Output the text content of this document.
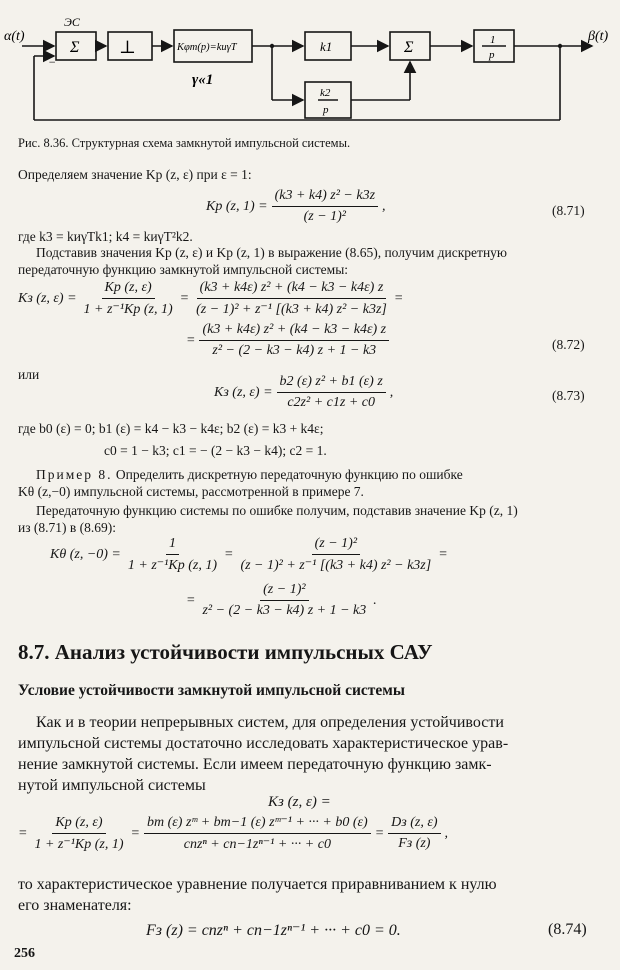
α(t)	β(t)
ЭС
Σ
−
⊥	Kφт(p)=kиγT	k1
k2
p
Σ	1
p
γ«1
Рис. 8.36. Структурная схема замкнутой импульсной системы.
Определяем значение Kр (z, ε) при ε = 1:
Kр (z, $1) = \frac{\text{(k3 + k4) z² − k3z}}{\text{(z − 1)²}}$ ,	(8.71)
где k3 = kиγTk1; k4 = kиγT²k2.
Подставив значения Kр (z, ε) и Kр (z, 1) в выражение (8.65), получим дискретную
передаточную функцию замкнутой импульсной системы:
Kз (z, $\varepsilon) = \frac{Kр (z, \varepsilon)}{\text{1 + z⁻¹Kр (z, 1)}} = \frac{\text{(k3 + k4ε) z² + (k4 − k3 − k4ε) z}}{\text{(z − 1)² + z⁻¹ [(k3 + k4) z² − k3z]}}$ =
= $\frac{\text{(k3 + k4ε) z² + (k4 − k3 − k4ε) z}}{\text{z² − (2 − k3 − k4) z + 1 − k3}}$	(8.72)
или
Kз (z, $\varepsilon) = \frac{\text{b2 (ε) z² + b1 (ε) z}}{\text{c2z² + c1z + c0}}$ ,	(8.73)
где b0 (ε) = 0; b1 (ε) = k4 − k3 − k4ε; b2 (ε) = k3 + k4ε;
c0 = 1 − k3; c1 = − (2 − k3 − k4); c2 = 1.
Пример 8. Определить дискретную передаточную функцию по ошибке
Kθ (z,−0) импульсной системы, рассмотренной в примере 7.
Передаточную функцию системы по ошибке получим, подставив значение Kр (z, 1)
из (8.71) в (8.69):
Kθ (z, $-0) = \frac{1}{\text{1 + z⁻¹Kр (z, 1)}} = \frac{\text{(z − 1)²}}{\text{(z − 1)² + z⁻¹ [(k3 + k4) z² − k3z]}}$ =
= $\frac{\text{(z − 1)²}}{\text{z² − (2 − k3 − k4) z + 1 − k3}}$ .
8.7. Анализ устойчивости импульсных САУ
Условие устойчивости замкнутой импульсной системы
Как и в теории непрерывных систем, для определения устойчивости
импульсной системы достаточно исследовать характеристическое урав-
нение замкнутой системы. Если имеем передаточную функцию замк-
нутой импульсной системы
Kз (z, ε) =
= $\frac{Kр (z, \varepsilon)}{\text{1 + z⁻¹Kр (z, 1)}} = \frac{\text{bm (ε) zᵐ + bm−1 (ε) zᵐ⁻¹ + ··· + b0 (ε)}}{\text{cnzⁿ + cn−1zⁿ⁻¹ + ··· + c0}} = \frac{Dз (z, \varepsilon)}{Fз (z)}$ ,
то характеристическое уравнение получается приравниванием к нулю
его знаменателя:
Fз (z) = cnzⁿ + cn−1zⁿ⁻¹ + ··· + c0 = 0.	(8.74)
256
